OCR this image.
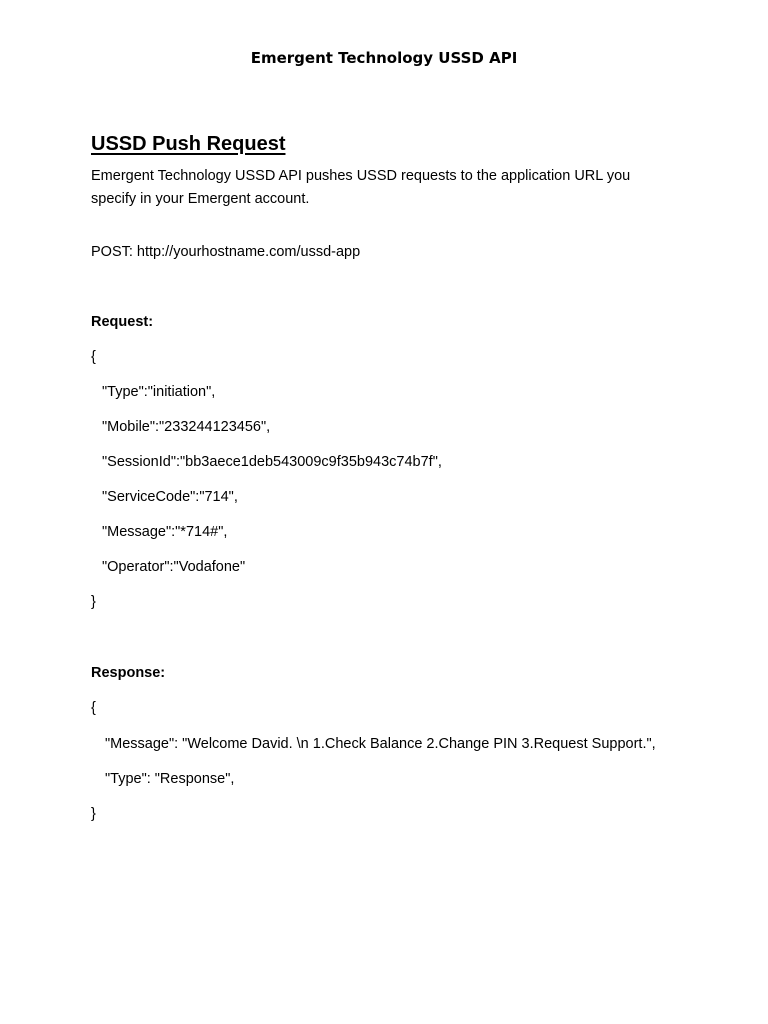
Emergent Technology USSD API
USSD Push Request
Emergent Technology USSD API pushes USSD requests to the application URL you specify in your Emergent account.
POST: http://yourhostname.com/ussd-app
Request:
{
"Type":"initiation",
"Mobile":"233244123456",
"SessionId":"bb3aece1deb543009c9f35b943c74b7f",
"ServiceCode":"714",
"Message":"*714#",
"Operator":"Vodafone"
}
Response:
{
"Message": "Welcome David. \n 1.Check Balance 2.Change PIN 3.Request Support.",
"Type": "Response",
}
